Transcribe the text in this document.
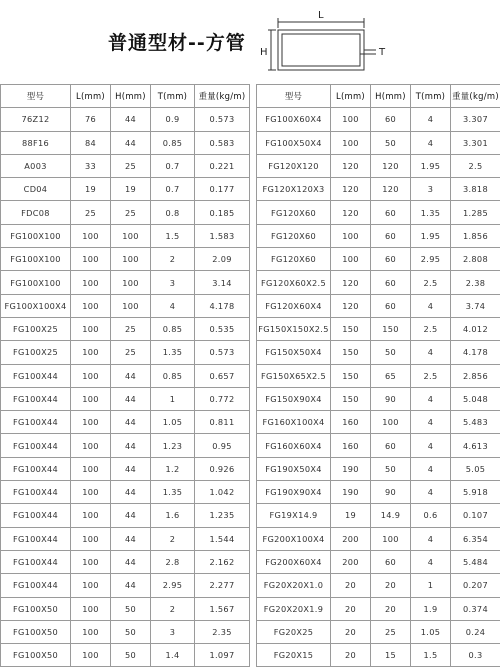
普通型材--方管
L
H	T
型号	L(mm)	H(mm)	T(mm)	重量(kg/m)		型号	L(mm)	H(mm)	T(mm)	重量(kg/m)
76Z12	76	44	0.9	0.573		FG100X60X4	100	60	4	3.307
88F16	84	44	0.85	0.583		FG100X50X4	100	50	4	3.301
A003	33	25	0.7	0.221		FG120X120	120	120	1.95	2.5
CD04	19	19	0.7	0.177		FG120X120X3	120	120	3	3.818
FDC08	25	25	0.8	0.185		FG120X60	120	60	1.35	1.285
FG100X100	100	100	1.5	1.583		FG120X60	100	60	1.95	1.856
FG100X100	100	100	2	2.09		FG120X60	100	60	2.95	2.808
FG100X100	100	100	3	3.14		FG120X60X2.5	120	60	2.5	2.38
FG100X100X4	100	100	4	4.178		FG120X60X4	120	60	4	3.74
FG100X25	100	25	0.85	0.535		FG150X150X2.5	150	150	2.5	4.012
FG100X25	100	25	1.35	0.573		FG150X50X4	150	50	4	4.178
FG100X44	100	44	0.85	0.657		FG150X65X2.5	150	65	2.5	2.856
FG100X44	100	44	1	0.772		FG150X90X4	150	90	4	5.048
FG100X44	100	44	1.05	0.811		FG160X100X4	160	100	4	5.483
FG100X44	100	44	1.23	0.95		FG160X60X4	160	60	4	4.613
FG100X44	100	44	1.2	0.926		FG190X50X4	190	50	4	5.05
FG100X44	100	44	1.35	1.042		FG190X90X4	190	90	4	5.918
FG100X44	100	44	1.6	1.235		FG19X14.9	19	14.9	0.6	0.107
FG100X44	100	44	2	1.544		FG200X100X4	200	100	4	6.354
FG100X44	100	44	2.8	2.162		FG200X60X4	200	60	4	5.484
FG100X44	100	44	2.95	2.277		FG20X20X1.0	20	20	1	0.207
FG100X50	100	50	2	1.567		FG20X20X1.9	20	20	1.9	0.374
FG100X50	100	50	3	2.35		FG20X25	20	25	1.05	0.24
FG100X50	100	50	1.4	1.097		FG20X15	20	15	1.5	0.3
